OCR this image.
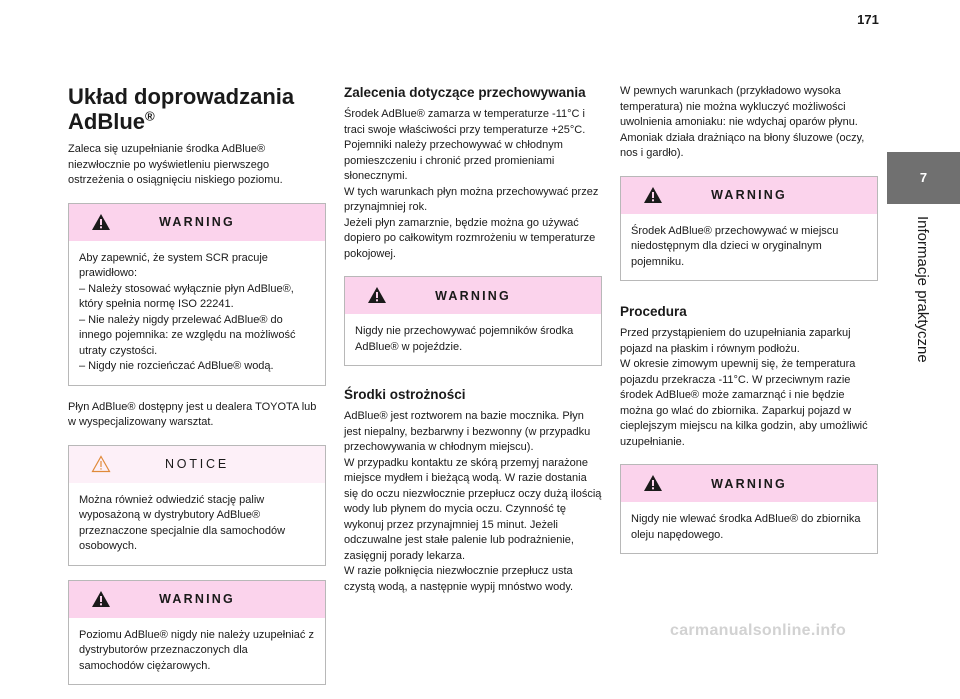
171
Układ doprowadzania AdBlue®

Zaleca się uzupełnianie środka AdBlue® niezwłocznie po wyświetleniu pierwszego ostrzeżenia o osiągnięciu niskiego poziomu.

WARNING

Aby zapewnić, że system SCR pracuje prawidłowo:
– Należy stosować wyłącznie płyn AdBlue®, który spełnia normę ISO 22241.
– Nie należy nigdy przelewać AdBlue® do innego pojemnika: ze względu na możliwość utraty czystości.
– Nigdy nie rozcieńczać AdBlue® wodą.

Płyn AdBlue® dostępny jest u dealera TOYOTA lub w wyspecjalizowany warsztat.

NOTICE

Można również odwiedzić stację paliw wyposażoną w dystrybutory AdBlue® przeznaczone specjalnie dla samochodów osobowych.

WARNING

Poziomu AdBlue® nigdy nie należy uzupełniać z dystrybutorów przeznaczonych dla samochodów ciężarowych.

Zalecenia dotyczące przechowywania

Środek AdBlue® zamarza w temperaturze -11°C i traci swoje właściwości przy temperaturze +25°C. Pojemniki należy przechowywać w chłodnym pomieszczeniu i chronić przed promieniami słonecznymi.
W tych warunkach płyn można przechowywać przez przynajmniej rok.
Jeżeli płyn zamarznie, będzie można go używać dopiero po całkowitym rozmrożeniu w temperaturze pokojowej.

WARNING

Nigdy nie przechowywać pojemników środka AdBlue® w pojeździe.

Środki ostrożności

AdBlue® jest roztworem na bazie mocznika. Płyn jest niepalny, bezbarwny i bezwonny (w przypadku przechowywania w chłodnym miejscu).
W przypadku kontaktu ze skórą przemyj narażone miejsce mydłem i bieżącą wodą. W razie dostania się do oczu niezwłocznie przepłucz oczy dużą ilością wody lub płynem do mycia oczu. Czynność tę wykonuj przez przynajmniej 15 minut. Jeżeli odczuwalne jest stałe palenie lub podrażnienie, zasięgnij porady lekarza.
W razie połknięcia niezwłocznie przepłucz usta czystą wodą, a następnie wypij mnóstwo wody.

W pewnych warunkach (przykładowo wysoka temperatura) nie można wykluczyć możliwości uwolnienia amoniaku: nie wdychaj oparów płynu. Amoniak działa drażniąco na błony śluzowe (oczy, nos i gardło).

WARNING

Środek AdBlue® przechowywać w miejscu niedostępnym dla dzieci w oryginalnym pojemniku.

Procedura

Przed przystąpieniem do uzupełniania zaparkuj pojazd na płaskim i równym podłożu.
W okresie zimowym upewnij się, że temperatura pojazdu przekracza -11°C. W przeciwnym razie środek AdBlue® może zamarznąć i nie będzie można go wlać do zbiornika. Zaparkuj pojazd w cieplejszym miejscu na kilka godzin, aby umożliwić uzupełnianie.

WARNING

Nigdy nie wlewać środka AdBlue® do zbiornika oleju napędowego.

7
Informacje praktyczne
carmanualsonline.info
